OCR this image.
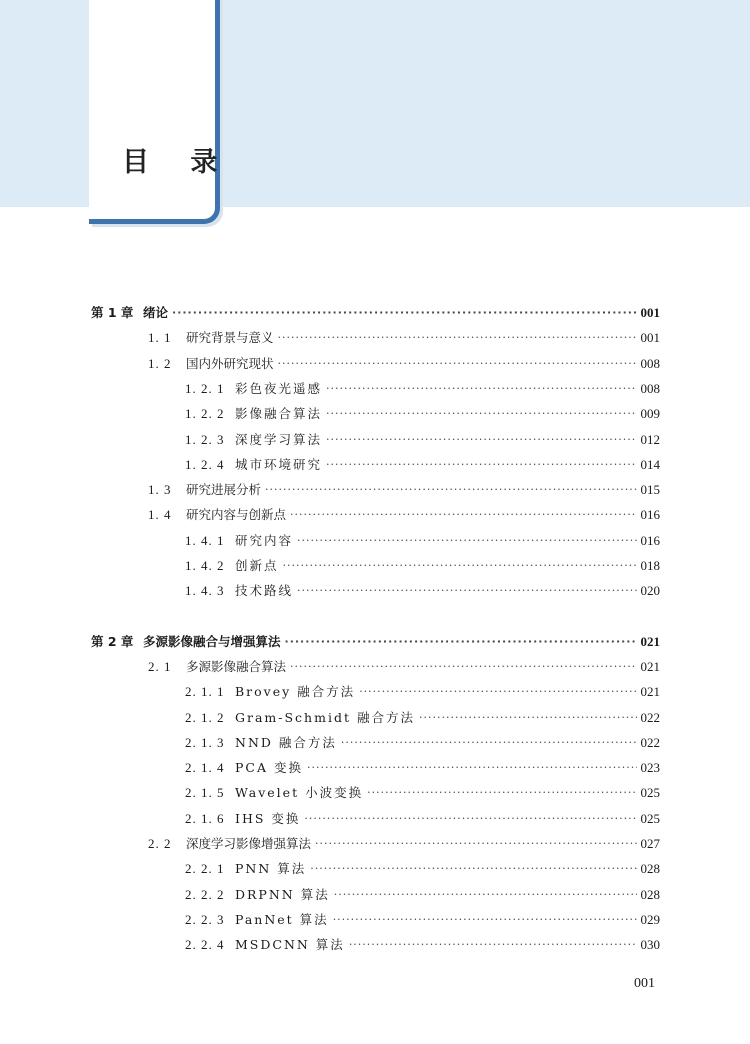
目 录
第 1 章 绪论 ·····	001
1. 1	研究背景与意义 ·····	001
1. 2	国内外研究现状 ·····	008
1. 2. 1 彩色夜光遥感 ·····	008
1. 2. 2 影像融合算法 ·····	009
1. 2. 3 深度学习算法 ·····	012
1. 2. 4 城市环境研究 ·····	014
1. 3	研究进展分析 ·····	015
1. 4	研究内容与创新点 ·····	016
1. 4. 1 研究内容 ·····	016
1. 4. 2 创新点 ·····	018
1. 4. 3 技术路线 ·····	020
第 2 章 多源影像融合与增强算法 ·····	021
2. 1	多源影像融合算法 ·····	021
2. 1. 1 Brovey 融合方法 ·····	021
2. 1. 2 Gram-Schmidt 融合方法 ·····	022
2. 1. 3 NND 融合方法 ·····	022
2. 1. 4 PCA 变换 ·····	023
2. 1. 5 Wavelet 小波变换 ·····	025
2. 1. 6 IHS 变换 ·····	025
2. 2	深度学习影像增强算法 ·····	027
2. 2. 1 PNN 算法 ·····	028
2. 2. 2 DRPNN 算法 ·····	028
2. 2. 3 PanNet 算法 ·····	029
2. 2. 4 MSDCNN 算法 ·····	030
001
